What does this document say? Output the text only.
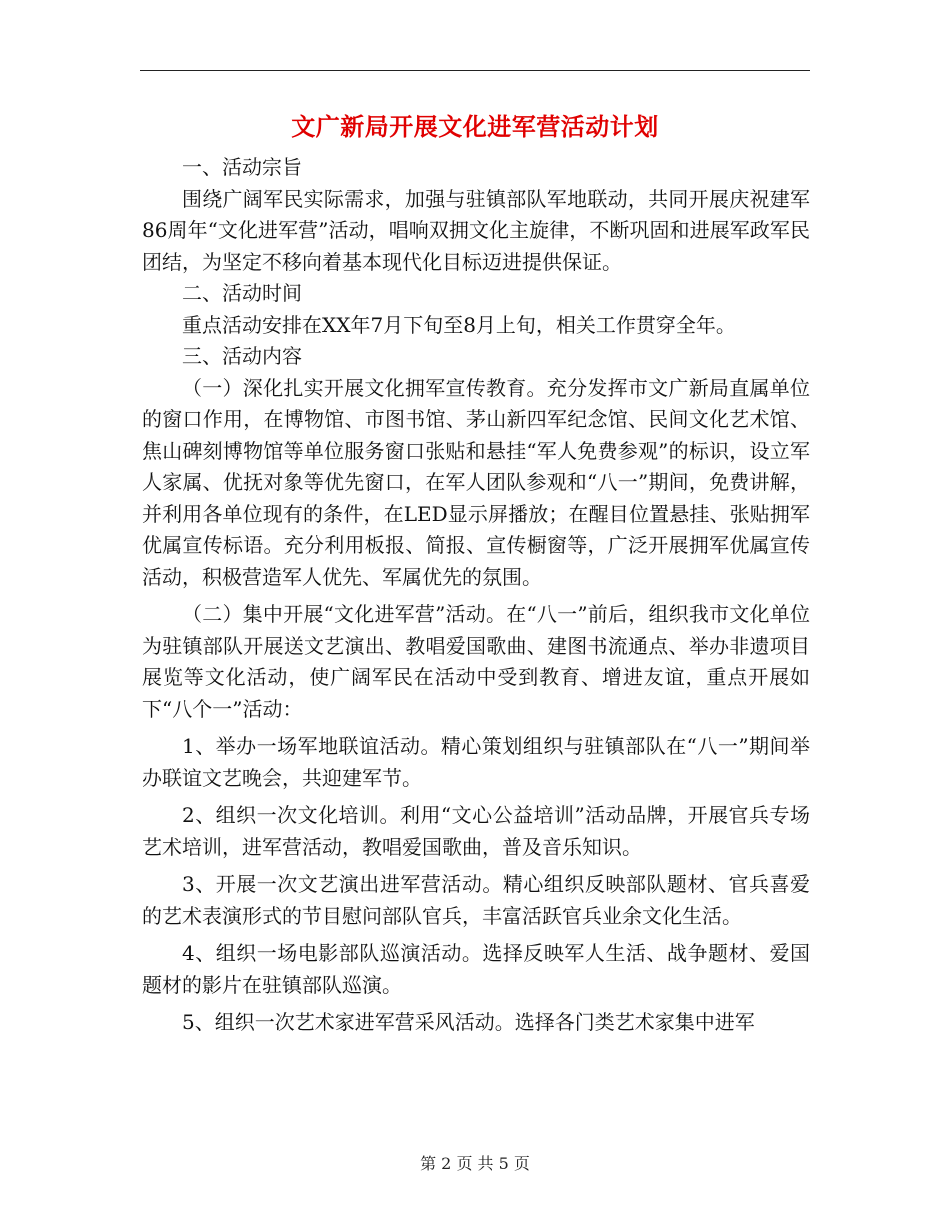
文广新局开展文化进军营活动计划

一、活动宗旨

围绕广阔军民实际需求，加强与驻镇部队军地联动，共同开展庆祝建军86周年“文化进军营”活动，唱响双拥文化主旋律，不断巩固和进展军政军民团结，为坚定不移向着基本现代化目标迈进提供保证。

二、活动时间

重点活动安排在XX年7月下旬至8月上旬，相关工作贯穿全年。

三、活动内容

（一）深化扎实开展文化拥军宣传教育。充分发挥市文广新局直属单位的窗口作用，在博物馆、市图书馆、茅山新四军纪念馆、民间文化艺术馆、焦山碑刻博物馆等单位服务窗口张贴和悬挂“军人免费参观”的标识，设立军人家属、优抚对象等优先窗口，在军人团队参观和“八一”期间，免费讲解，并利用各单位现有的条件，在LED显示屏播放；在醒目位置悬挂、张贴拥军优属宣传标语。充分利用板报、简报、宣传橱窗等，广泛开展拥军优属宣传活动，积极营造军人优先、军属优先的氛围。

（二）集中开展“文化进军营”活动。在“八一”前后，组织我市文化单位为驻镇部队开展送文艺演出、教唱爱国歌曲、建图书流通点、举办非遗项目展览等文化活动，使广阔军民在活动中受到教育、增进友谊，重点开展如下“八个一”活动：

1、举办一场军地联谊活动。精心策划组织与驻镇部队在“八一”期间举办联谊文艺晚会，共迎建军节。

2、组织一次文化培训。利用“文心公益培训”活动品牌，开展官兵专场艺术培训，进军营活动，教唱爱国歌曲，普及音乐知识。

3、开展一次文艺演出进军营活动。精心组织反映部队题材、官兵喜爱的艺术表演形式的节目慰问部队官兵，丰富活跃官兵业余文化生活。

4、组织一场电影部队巡演活动。选择反映军人生活、战争题材、爱国题材的影片在驻镇部队巡演。

5、组织一次艺术家进军营采风活动。选择各门类艺术家集中进军

第 2 页 共 5 页
